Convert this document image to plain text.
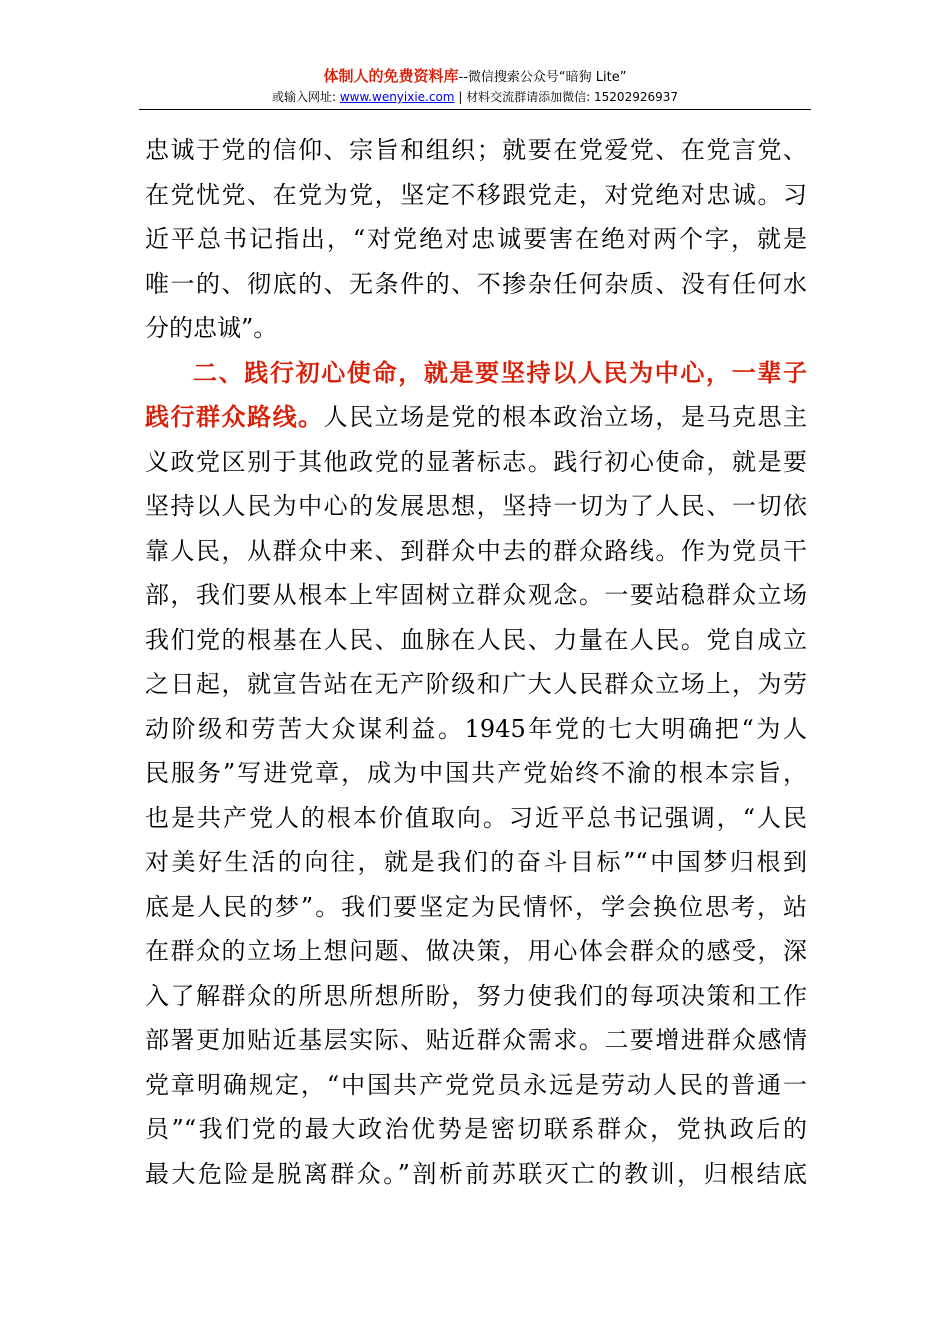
体制人的免费资料库--微信搜索公众号“暗狗 Lite”
或输入网址: www.wenyixie.com | 材料交流群请添加微信: 15202926937
忠诚于党的信仰、宗旨和组织；就要在党爱党、在党言党、
在党忧党、在党为党，坚定不移跟党走，对党绝对忠诚。习
近平总书记指出，“对党绝对忠诚要害在绝对两个字，就是
唯一的、彻底的、无条件的、不掺杂任何杂质、没有任何水
分的忠诚”。
二、践行初心使命，就是要坚持以人民为中心，一辈子
践行群众路线。人民立场是党的根本政治立场，是马克思主
义政党区别于其他政党的显著标志。践行初心使命，就是要
坚持以人民为中心的发展思想，坚持一切为了人民、一切依
靠人民，从群众中来、到群众中去的群众路线。作为党员干
部，我们要从根本上牢固树立群众观念。一要站稳群众立场
我们党的根基在人民、血脉在人民、力量在人民。党自成立
之日起，就宣告站在无产阶级和广大人民群众立场上，为劳
动阶级和劳苦大众谋利益。1945年党的七大明确把“为人
民服务”写进党章，成为中国共产党始终不渝的根本宗旨，
也是共产党人的根本价值取向。习近平总书记强调，“人民
对美好生活的向往，就是我们的奋斗目标”“中国梦归根到
底是人民的梦”。我们要坚定为民情怀，学会换位思考，站
在群众的立场上想问题、做决策，用心体会群众的感受，深
入了解群众的所思所想所盼，努力使我们的每项决策和工作
部署更加贴近基层实际、贴近群众需求。二要增进群众感情
党章明确规定，“中国共产党党员永远是劳动人民的普通一
员”“我们党的最大政治优势是密切联系群众，党执政后的
最大危险是脱离群众。”剖析前苏联灭亡的教训，归根结底
